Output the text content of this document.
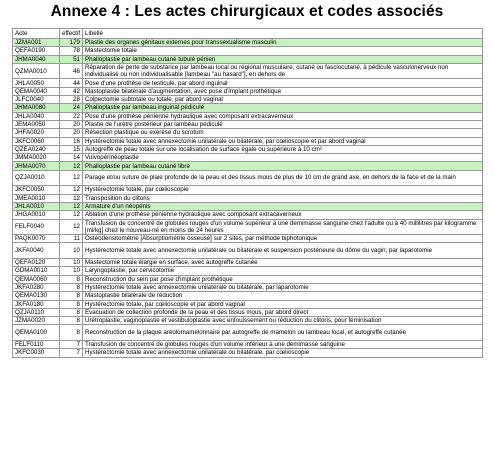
Annexe 4 : Les actes chirurgicaux et codes associés
Acte	effectif	Libellé
JZMA001	179	Plastie des organes génitaux externes pour transsexualisme masculin
QEFA0190	78	Mastectomie totale
JHMA0040	51	Phalloplastie par lambeau cutané tubulé pénien
QZMA0010	46	Réparation de perte de substance par lambeau local ou régional musculaire, cutané ou fasciocutané, à pédicule vasculonerveux non individualisé ou non individualisable [lambeau "au hasard"], en dehors de
JHLA0050	44	Pose d'une prothèse de testicule, par abord inguinal
QEMA0040	42	Mastoplastie bilatérale d'augmentation, avec pose d'implant prothétique
JLFC0040	28	Colpectomie subtotale ou totale, par abord vaginal
JHMA0080	24	Phalloplastie par lambeau inguinal pédiculé
JHLA0040	22	Pose d'une prothèse pénienne hydraulique avec composant extracaverneux
JEMA0050	20	Plastie de l'urètre postérieur par lambeau pédiculé
JHFA0020	20	Résection plastique ou exérèse du scrotum
JKFC0060	16	Hystérectomie totale avec annexectomie unilatérale ou bilatérale, par cœlioscopie et par abord vaginal
QZEA0240	15	Autogreffe de peau totale sur une localisation de surface égale ou supérieure à 10 cm²
JMMA0020	14	Vulvopérinéoplastie
JHMA0070	12	Phalloplastie par lambeau cutané libre
QZJA0010	12	Parage et/ou suture de plaie profonde de la peau et des tissus mous de plus de 10 cm de grand axe, en dehors de la face et de la main
JKFC0050	12	Hystérectomie totale, par cœlioscopie
JMEA0010	12	Transposition du clitoris
JHLA0010	12	Armature d'un néopénis
JHGA0010	12	Ablation d'une prothèse pénienne hydraulique avec composant extracaverneux
FELF0040	12	Transfusion de concentré de globules rouges d'un volume supérieur à une demimasse sanguine chez l'adulte ou à 40 millilitres par kilogramme [ml/kg] chez le nouveau-né en moins de 24 heures
PAQK0070	11	Ostéodensitométrie [Absorptiométrie osseuse] sur 2 sites, par méthode biphotonique
JKFA0040	10	Hystérectomie totale avec annexectomie unilatérale ou bilatérale et suspension postérieure du dôme du vagin, par laparotomie
QEFA0120	10	Mastectomie totale élargie en surface, avec autogreffe cutanée
GDMA0010	10	Laryngoplastie, par cervicotomie
QEMA0060	8	Reconstruction du sein par pose d'implant prothétique
JKFA0280	8	Hystérectomie totale avec annexectomie unilatérale ou bilatérale, par laparotomie
QEMA0130	8	Mastoplastie bilatérale de réduction
JKFA0180	8	Hystérectomie totale, par cœlioscopie et par abord vaginal
QZJA0110	8	Évacuation de collection profonde de la peau et des tissus mous, par abord direct
JZMA0020	8	Urétroplastie, vaginoplastie et vestibuloplastie avec enfouissement ou réduction du clitoris, pour féminisation
QEMA0100	8	Reconstruction de la plaque aréolomamelonnaire par autogreffe de mamelon ou lambeau local, et autogreffe cutanée
FELF0110	7	Transfusion de concentré de globules rouges d'un volume inférieur à une demimasse sanguine
JKFC0030	7	Hystérectomie totale avec annexectomie unilatérale ou bilatérale, par cœlioscopie
